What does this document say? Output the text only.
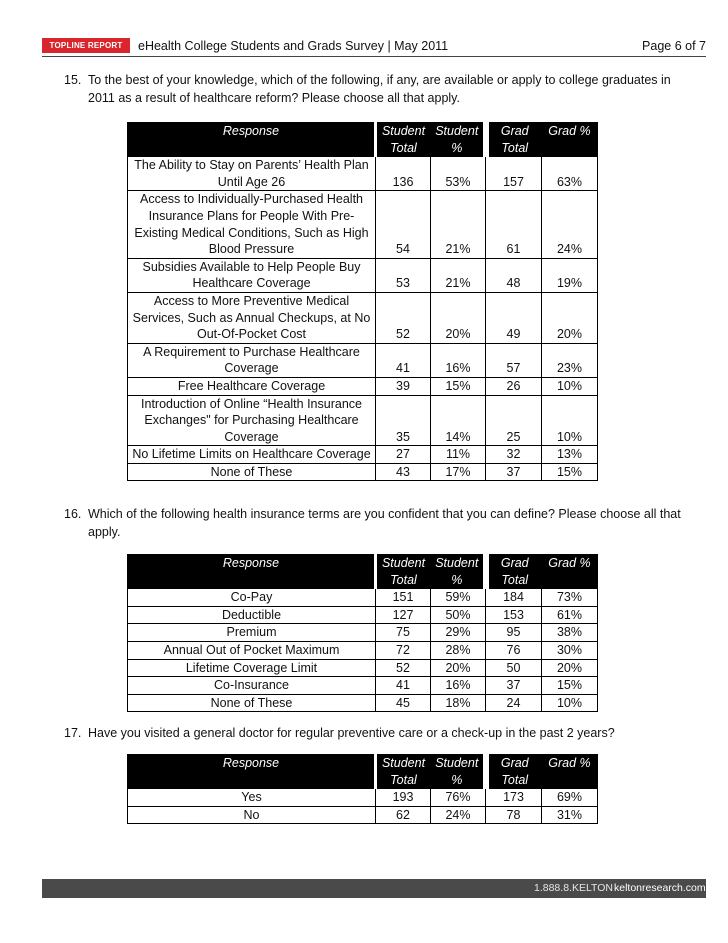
TOPLINE REPORT	eHealth College Students and Grads Survey | May 2011	Page 6 of 7
15. To the best of your knowledge, which of the following, if any, are available or apply to college graduates in 2011 as a result of healthcare reform? Please choose all that apply.
Response	Student Total	Student %	Grad Total	Grad %
The Ability to Stay on Parents’ Health Plan Until Age 26	136	53%	157	63%
Access to Individually-Purchased Health Insurance Plans for People With Pre-Existing Medical Conditions, Such as High Blood Pressure	54	21%	61	24%
Subsidies Available to Help People Buy Healthcare Coverage	53	21%	48	19%
Access to More Preventive Medical Services, Such as Annual Checkups, at No Out-Of-Pocket Cost	52	20%	49	20%
A Requirement to Purchase Healthcare Coverage	41	16%	57	23%
Free Healthcare Coverage	39	15%	26	10%
Introduction of Online “Health Insurance Exchanges" for Purchasing Healthcare Coverage	35	14%	25	10%
No Lifetime Limits on Healthcare Coverage	27	11%	32	13%
None of These	43	17%	37	15%
16. Which of the following health insurance terms are you confident that you can define? Please choose all that apply.
Response	Student Total	Student %	Grad Total	Grad %
Co-Pay	151	59%	184	73%
Deductible	127	50%	153	61%
Premium	75	29%	95	38%
Annual Out of Pocket Maximum	72	28%	76	30%
Lifetime Coverage Limit	52	20%	50	20%
Co-Insurance	41	16%	37	15%
None of These	45	18%	24	10%
17. Have you visited a general doctor for regular preventive care or a check-up in the past 2 years?
Response	Student Total	Student %	Grad Total	Grad %
Yes	193	76%	173	69%
No	62	24%	78	31%
1.888.8.KELTON keltonresearch.com
